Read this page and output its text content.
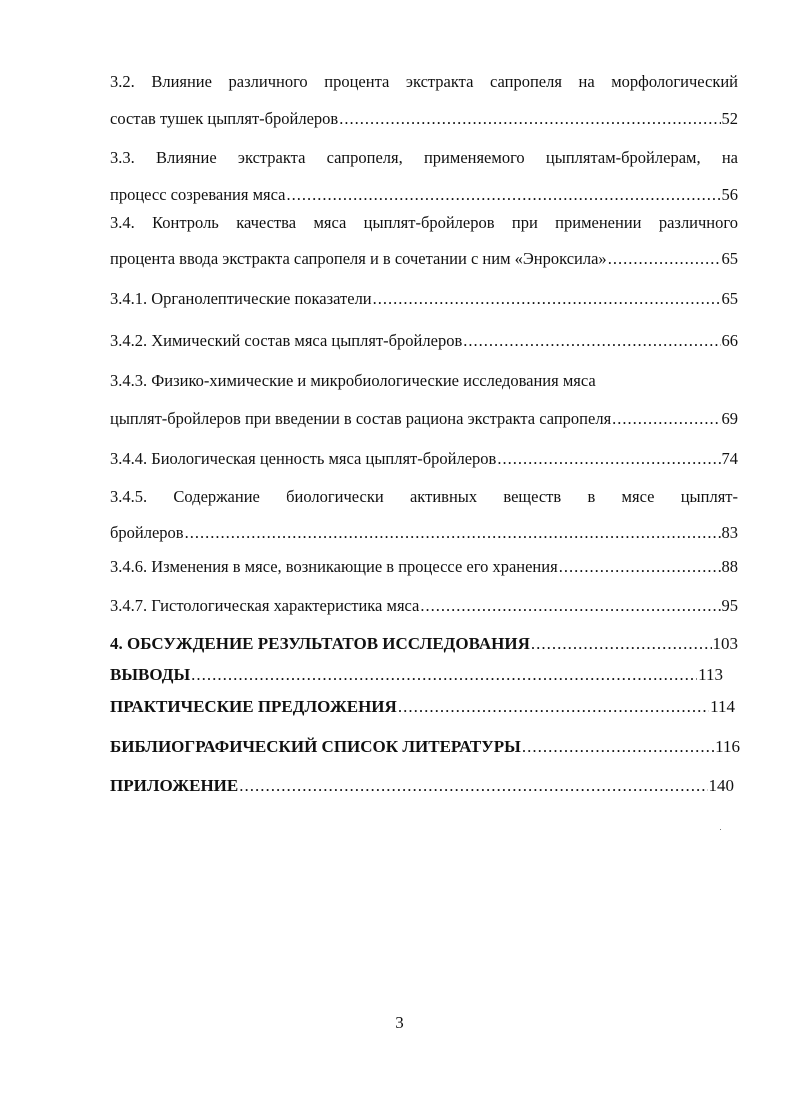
3.2. Влияние различного процента экстракта сапропеля на морфологический
состав тушек цыплят-бройлеров .....	52
3.3. Влияние экстракта сапропеля, применяемого цыплятам-бройлерам, на
процесс созревания мяса .....	56
3.4. Контроль качества мяса цыплят-бройлеров при применении различного
процента ввода экстракта сапропеля и в сочетании с ним «Энроксила» .....	65
3.4.1. Органолептические показатели .....	65
3.4.2. Химический состав мяса цыплят-бройлеров .....	66
3.4.3. Физико-химические и микробиологические исследования мяса
цыплят-бройлеров при введении в состав рациона экстракта сапропеля .....	69
3.4.4. Биологическая ценность мяса цыплят-бройлеров .....	74
3.4.5. Содержание биологически активных веществ в мясе цыплят-
бройлеров .....	83
3.4.6. Изменения в мясе, возникающие в процессе его хранения .....	88
3.4.7. Гистологическая характеристика мяса .....	95
4. ОБСУЖДЕНИЕ РЕЗУЛЬТАТОВ ИССЛЕДОВАНИЯ .....	103
ВЫВОДЫ .....	113
ПРАКТИЧЕСКИЕ ПРЕДЛОЖЕНИЯ .....	114
БИБЛИОГРАФИЧЕСКИЙ СПИСОК ЛИТЕРАТУРЫ .....	116
ПРИЛОЖЕНИЕ .....	140
3
